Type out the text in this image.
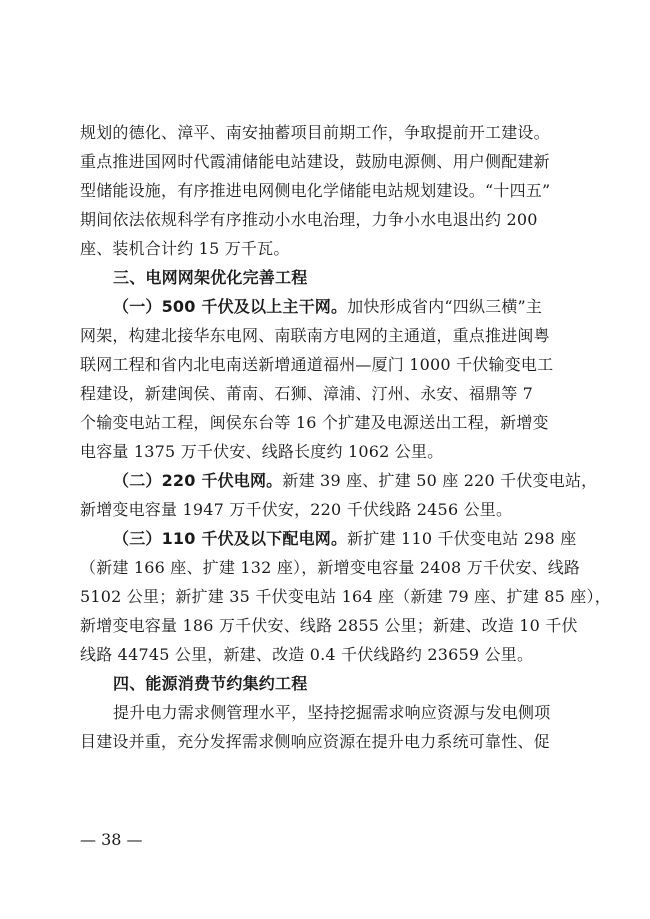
规划的德化、漳平、南安抽蓄项目前期工作，争取提前开工建设。
重点推进国网时代霞浦储能电站建设，鼓励电源侧、用户侧配建新
型储能设施，有序推进电网侧电化学储能电站规划建设。“十四五”
期间依法依规科学有序推动小水电治理，力争小水电退出约 200
座、装机合计约 15 万千瓦。
三、电网网架优化完善工程
（一）500 千伏及以上主干网。加快形成省内“四纵三横”主
网架，构建北接华东电网、南联南方电网的主通道，重点推进闽粤
联网工程和省内北电南送新增通道福州—厦门 1000 千伏输变电工
程建设，新建闽侯、莆南、石狮、漳浦、汀州、永安、福鼎等 7
个输变电站工程，闽侯东台等 16 个扩建及电源送出工程，新增变
电容量 1375 万千伏安、线路长度约 1062 公里。
（二）220 千伏电网。新建 39 座、扩建 50 座 220 千伏变电站，
新增变电容量 1947 万千伏安，220 千伏线路 2456 公里。
（三）110 千伏及以下配电网。新扩建 110 千伏变电站 298 座
（新建 166 座、扩建 132 座），新增变电容量 2408 万千伏安、线路
5102 公里；新扩建 35 千伏变电站 164 座（新建 79 座、扩建 85 座），
新增变电容量 186 万千伏安、线路 2855 公里；新建、改造 10 千伏
线路 44745 公里，新建、改造 0.4 千伏线路约 23659 公里。
四、能源消费节约集约工程
提升电力需求侧管理水平，坚持挖掘需求响应资源与发电侧项
目建设并重，充分发挥需求侧响应资源在提升电力系统可靠性、促
— 38 —
